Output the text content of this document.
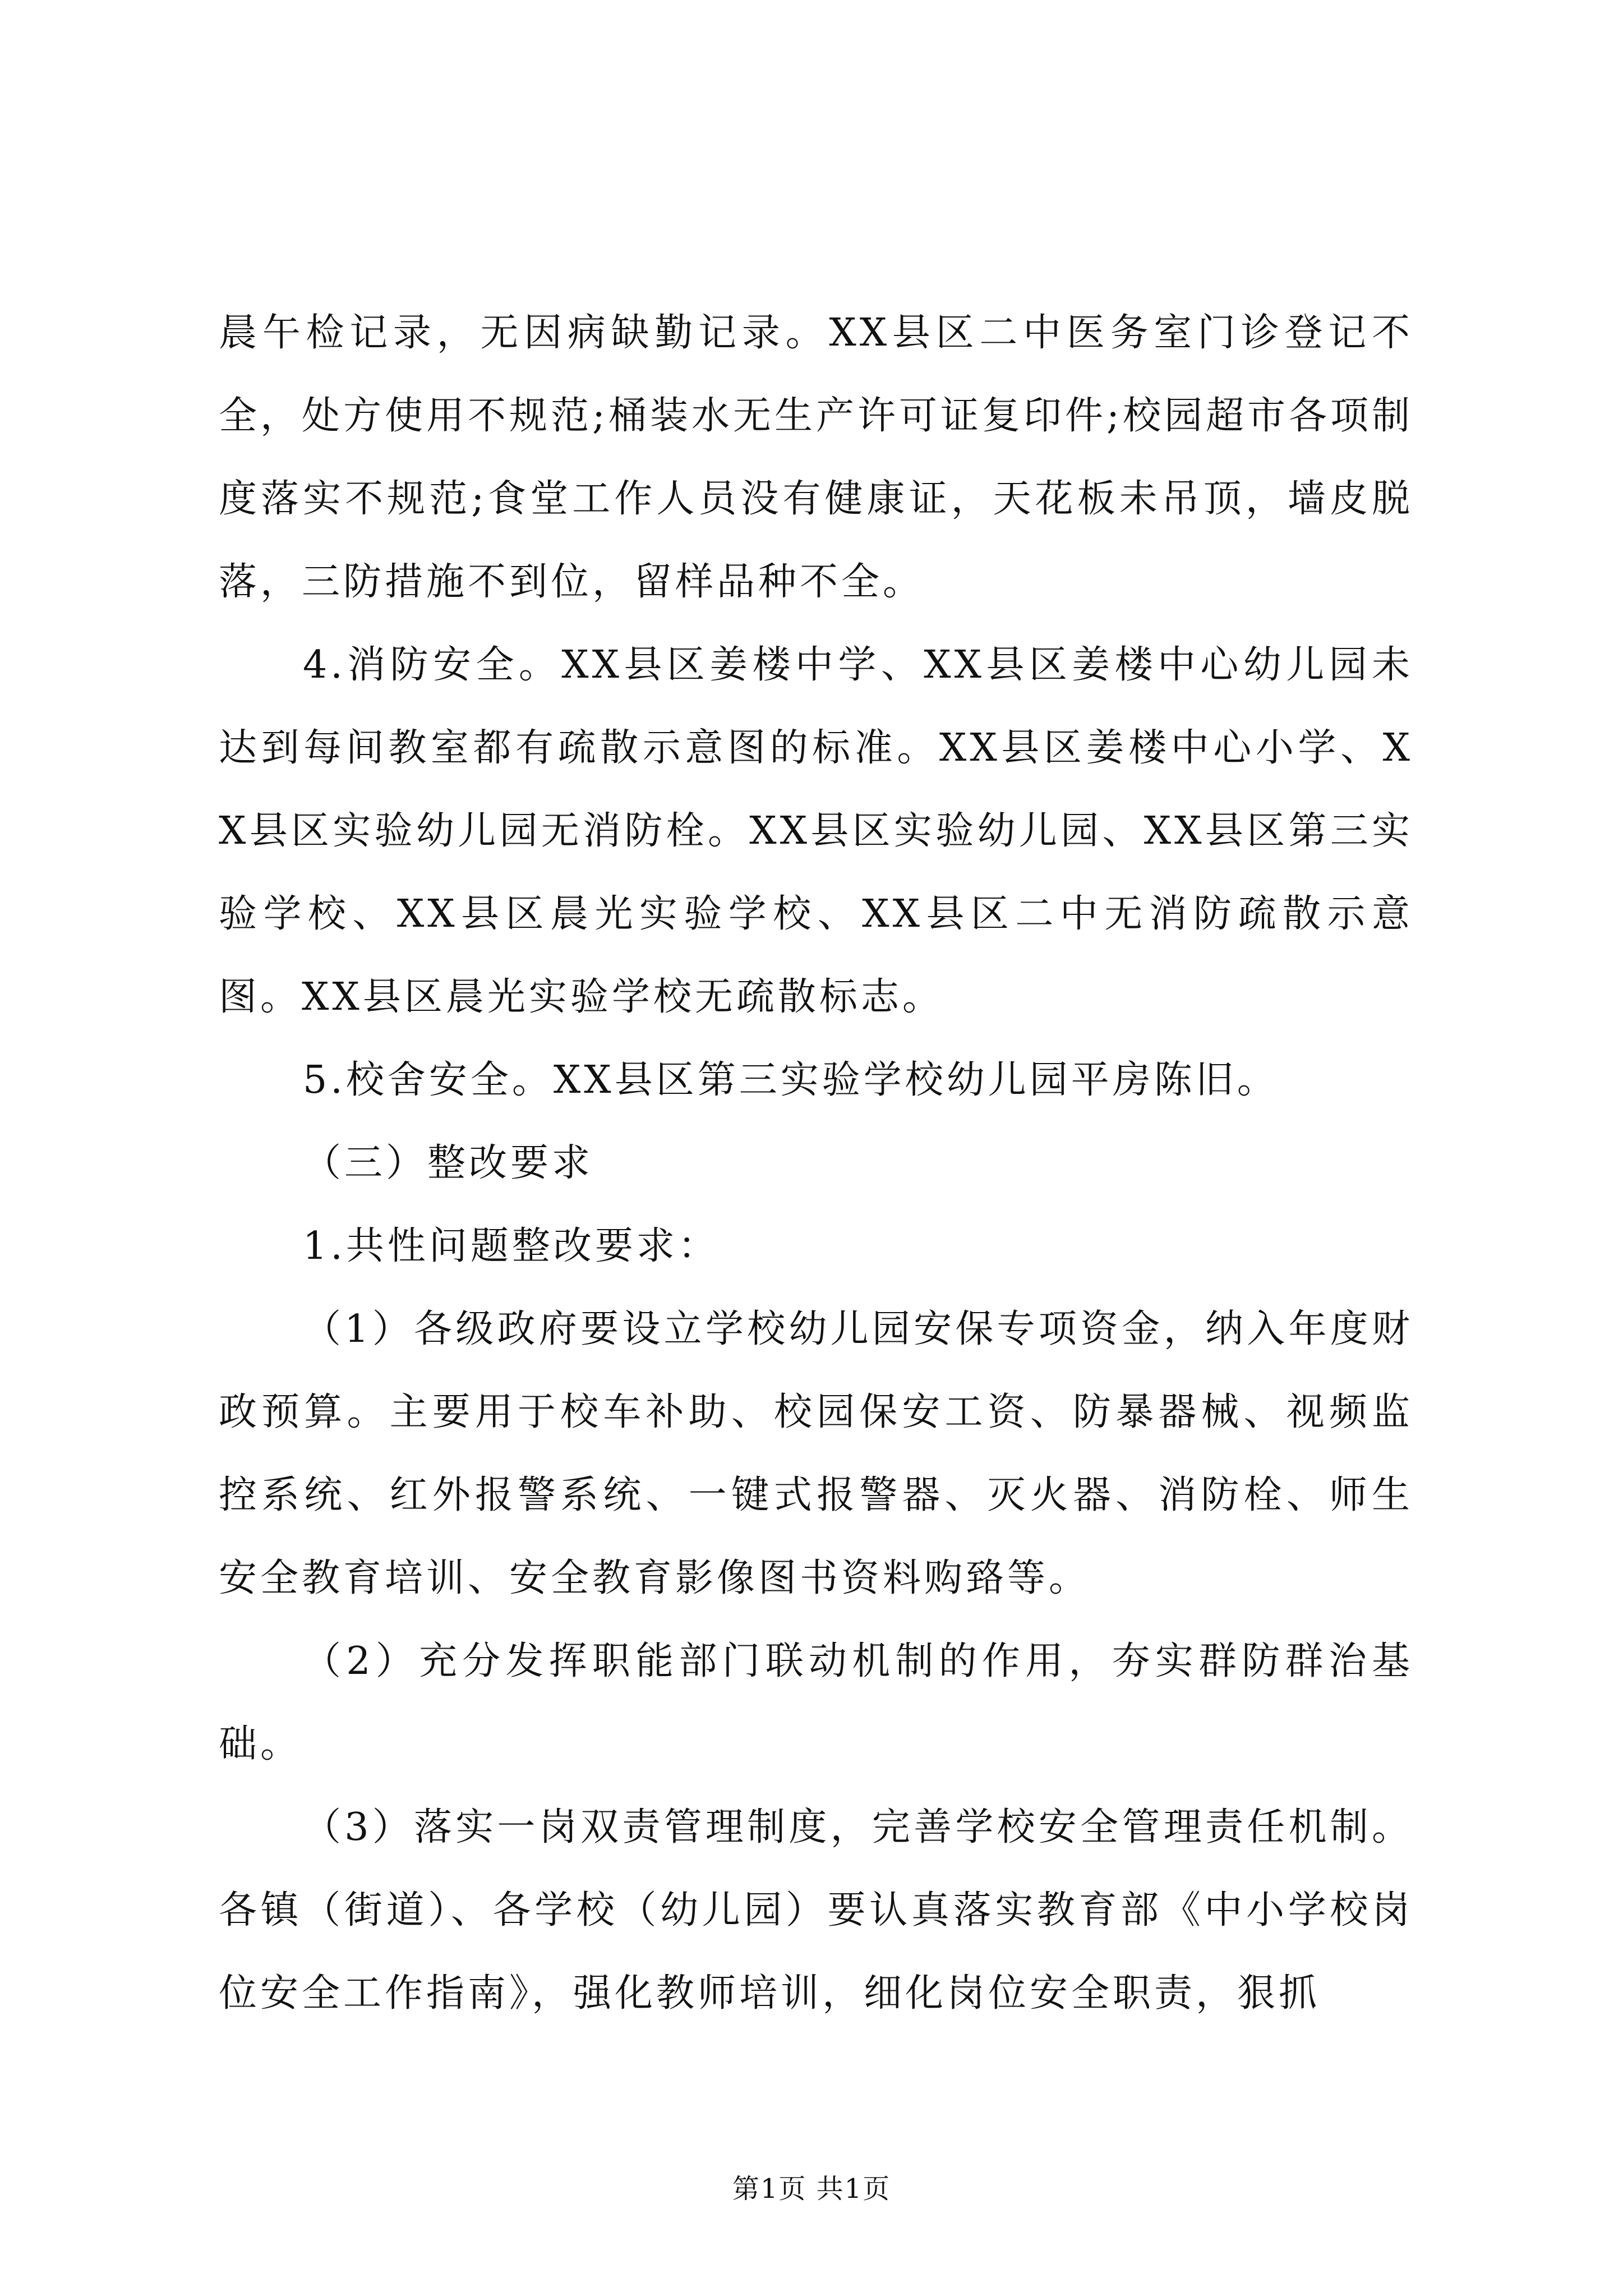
晨午检记录，无因病缺勤记录。XX县区二中医务室门诊登记不全，处方使用不规范;桶装水无生产许可证复印件;校园超市各项制度落实不规范;食堂工作人员没有健康证，天花板未吊顶，墙皮脱落，三防措施不到位，留样品种不全。

4.消防安全。XX县区姜楼中学、XX县区姜楼中心幼儿园未达到每间教室都有疏散示意图的标准。XX县区姜楼中心小学、XX县区实验幼儿园无消防栓。XX县区实验幼儿园、XX县区第三实验学校、XX县区晨光实验学校、XX县区二中无消防疏散示意图。XX县区晨光实验学校无疏散标志。

5.校舍安全。XX县区第三实验学校幼儿园平房陈旧。

（三）整改要求

1.共性问题整改要求：

（1）各级政府要设立学校幼儿园安保专项资金，纳入年度财政预算。主要用于校车补助、校园保安工资、防暴器械、视频监控系统、红外报警系统、一键式报警器、灭火器、消防栓、师生安全教育培训、安全教育影像图书资料购臵等。

（2）充分发挥职能部门联动机制的作用，夯实群防群治基础。

（3）落实一岗双责管理制度，完善学校安全管理责任机制。各镇（街道）、各学校（幼儿园）要认真落实教育部《中小学校岗位安全工作指南》，强化教师培训，细化岗位安全职责，狠抓

第1页 共1页
